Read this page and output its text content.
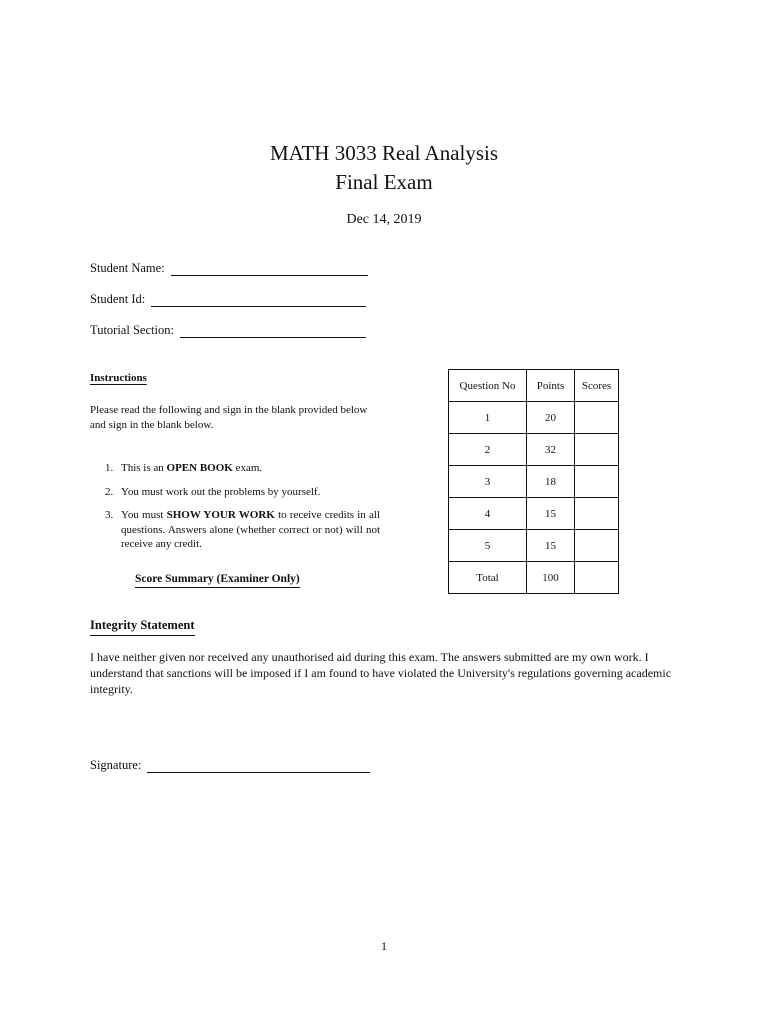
MATH 3033 Real Analysis
Final Exam
Dec 14, 2019
Student Name:
Student Id:
Tutorial Section:
Instructions
Please read the following and sign in the blank provided below and sign in the blank below.
1. This is an OPEN BOOK exam.
2. You must work out the problems by yourself.
3. You must SHOW YOUR WORK to receive credits in all questions. Answers alone (whether correct or not) will not receive any credit.
Score Summary (Examiner Only)
Question No	Points	Scores
1	20	
2	32	
3	18	
4	15	
5	15	
Total	100	
Integrity Statement
I have neither given nor received any unauthorised aid during this exam. The answers submitted are my own work. I understand that sanctions will be imposed if I am found to have violated the University's regulations governing academic integrity.
Signature:
1
